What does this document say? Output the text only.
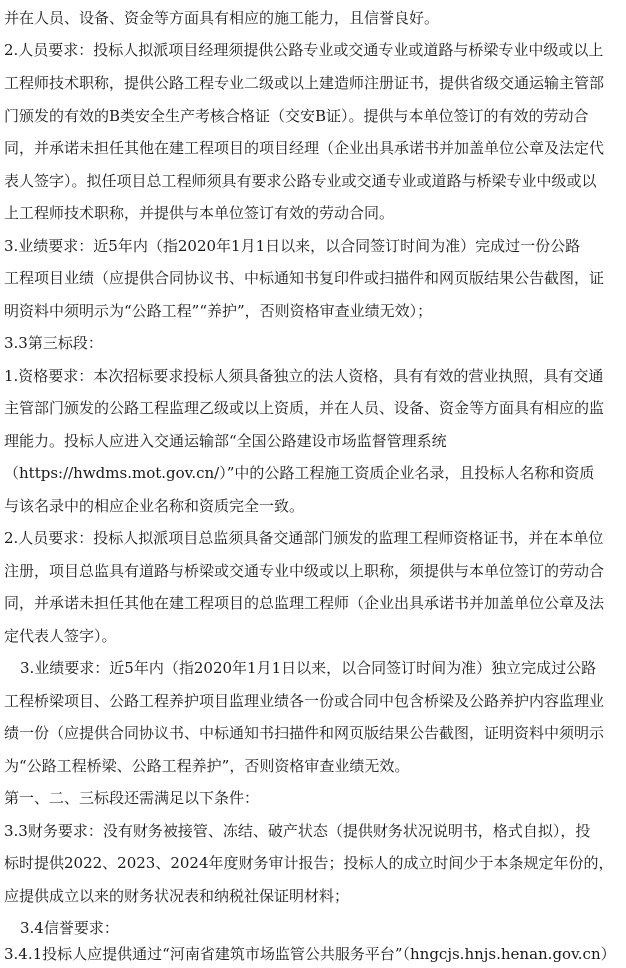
并在人员、设备、资金等方面具有相应的施工能力，且信誉良好。
2.人员要求：投标人拟派项目经理须提供公路专业或交通专业或道路与桥梁专业中级或以上
工程师技术职称，提供公路工程专业二级或以上建造师注册证书，提供省级交通运输主管部
门颁发的有效的B类安全生产考核合格证（交安B证）。提供与本单位签订的有效的劳动合
同，并承诺未担任其他在建工程项目的项目经理（企业出具承诺书并加盖单位公章及法定代
表人签字）。拟任项目总工程师须具有要求公路专业或交通专业或道路与桥梁专业中级或以
上工程师技术职称，并提供与本单位签订有效的劳动合同。
3.业绩要求：近5年内（指2020年1月1日以来，以合同签订时间为准）完成过一份公路
工程项目业绩（应提供合同协议书、中标通知书复印件或扫描件和网页版结果公告截图，证
明资料中须明示为“公路工程”“养护”，否则资格审查业绩无效）；
3.3第三标段：
1.资格要求：本次招标要求投标人须具备独立的法人资格，具有有效的营业执照，具有交通
主管部门颁发的公路工程监理乙级或以上资质，并在人员、设备、资金等方面具有相应的监
理能力。投标人应进入交通运输部“全国公路建设市场监督管理系统
（https://hwdms.mot.gov.cn/）”中的公路工程施工资质企业名录，且投标人名称和资质
与该名录中的相应企业名称和资质完全一致。
2.人员要求：投标人拟派项目总监须具备交通部门颁发的监理工程师资格证书，并在本单位
注册，项目总监具有道路与桥梁或交通专业中级或以上职称，须提供与本单位签订的劳动合
同，并承诺未担任其他在建工程项目的总监理工程师（企业出具承诺书并加盖单位公章及法
定代表人签字）。
3.业绩要求：近5年内（指2020年1月1日以来，以合同签订时间为准）独立完成过公路
工程桥梁项目、公路工程养护项目监理业绩各一份或合同中包含桥梁及公路养护内容监理业
绩一份（应提供合同协议书、中标通知书扫描件和网页版结果公告截图，证明资料中须明示
为“公路工程桥梁、公路工程养护”，否则资格审查业绩无效。
第一、二、三标段还需满足以下条件：
3.3财务要求：没有财务被接管、冻结、破产状态（提供财务状况说明书，格式自拟），投
标时提供2022、2023、2024年度财务审计报告；投标人的成立时间少于本条规定年份的，
应提供成立以来的财务状况表和纳税社保证明材料；
3.4信誉要求：
3.4.1投标人应提供通过“河南省建筑市场监管公共服务平台”（hngcjs.hnjs.henan.gov.cn）
